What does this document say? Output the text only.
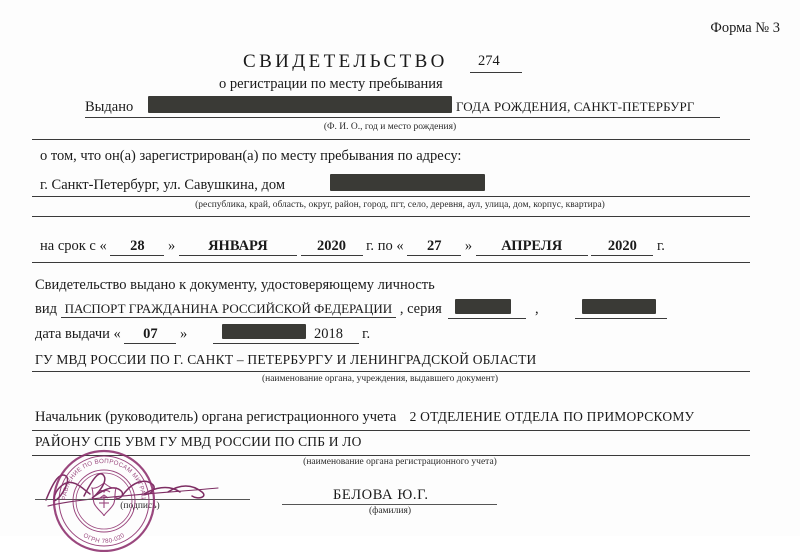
Форма № 3
СВИДЕТЕЛЬСТВО 274
о регистрации по месту пребывания
Выдано	ГОДА РОЖДЕНИЯ, САНКТ-ПЕТЕРБУРГ
(Ф. И. О., год и место рождения)
о том, что он(а) зарегистрирован(а) по месту пребывания по адресу:
г. Санкт-Петербург, ул. Савушкина, дом
(республика, край, область, округ, район, город, пгт, село, деревня, аул, улица, дом, корпус, квартира)
на срок с « 28 » ЯНВАРЯ	2020 г. по « 27 » АПРЕЛЯ	2020 г.
Свидетельство выдано к документу, удостоверяющему личность
вид ПАСПОРТ ГРАЖДАНИНА РОССИЙСКОЙ ФЕДЕРАЦИИ , серия	,
дата выдачи « 07 »	2018 г.
ГУ МВД РОССИИ ПО Г. САНКТ – ПЕТЕРБУРГУ И ЛЕНИНГРАДСКОЙ ОБЛАСТИ
(наименование органа, учреждения, выдавшего документ)
Начальник (руководитель) органа регистрационного учета 2 ОТДЕЛЕНИЕ ОТДЕЛА ПО ПРИМОРСКОМУ
РАЙОНУ СПБ УВМ ГУ МВД РОССИИ ПО СПБ И ЛО
(наименование органа регистрационного учета)
(подпись)
БЕЛОВА Ю.Г.
(фамилия)
УПРАВЛЕНИЕ ПО ВОПРОСАМ МИГРАЦИИ
ОГРН 780-020
